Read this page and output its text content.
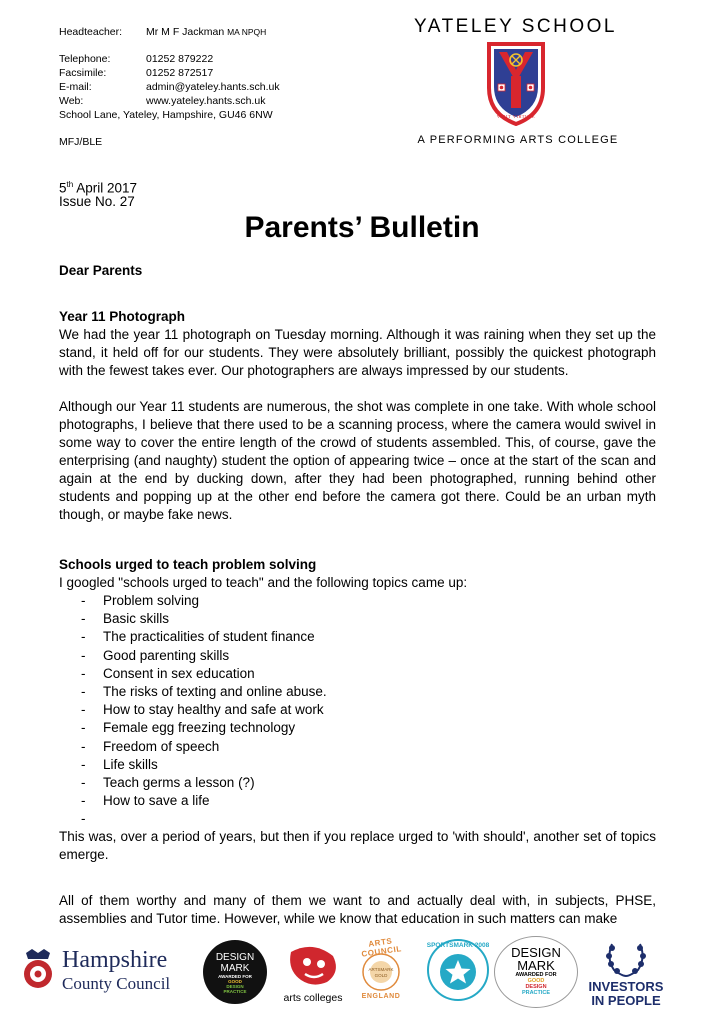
Headteacher:	Mr M F Jackman
MA NPQH
Telephone:	01252 879222
Facsimile:	01252 872517
E-mail:	admin@yateley.hants.sch.uk
Web:	www.yateley.hants.sch.uk
School Lane, Yateley, Hampshire, GU46 6NW
MFJ/BLE
YATELEY SCHOOL
VIRIT VIRTUTE
A PERFORMING ARTS COLLEGE
5th April 2017
Issue No. 27
Parents’ Bulletin
Dear Parents
Year 11 Photograph

We had the year 11 photograph on Tuesday morning. Although it was raining when they set up the stand, it held off for our students. They were absolutely brilliant, possibly the quickest photograph with the fewest takes ever. Our photographers are always impressed by our students.

Although our Year 11 students are numerous, the shot was complete in one take. With whole school photographs, I believe that there used to be a scanning process, where the camera would swivel in some way to cover the entire length of the crowd of students assembled. This, of course, gave the enterprising (and naughty) student the option of appearing twice – once at the start of the scan and again at the end by ducking down, after they had been photographed, running behind other students and popping up at the other end before the camera got there. Could be an urban myth though, or maybe fake news.

Schools urged to teach problem solving
I googled "schools urged to teach" and the following topics came up:
- Problem solving
- Basic skills
- The practicalities of student finance
- Good parenting skills
- Consent in sex education
- The risks of texting and online abuse.
- How to stay healthy and safe at work
- Female egg freezing technology
- Freedom of speech
- Life skills
- Teach germs a lesson (?)
- How to save a life
-

This was, over a period of years, but then if you replace urged to 'with should', another set of topics emerge.

All of them worthy and many of them we want to and actually deal with, in subjects, PHSE, assemblies and Tutor time. However, while we know that education in such matters can make

Hampshire
County Council
DESIGN
MARK
AWARDED FOR
GOOD
DESIGN
PRACTICE
arts colleges
ARTS COUNCIL
ARTSMARK
GOLD
ENGLAND
SPORTSMARK 2008	DESIGN
MARK
AWARDED FOR
GOOD
DESIGN
PRACTICE	INVESTORS
IN PEOPLE
